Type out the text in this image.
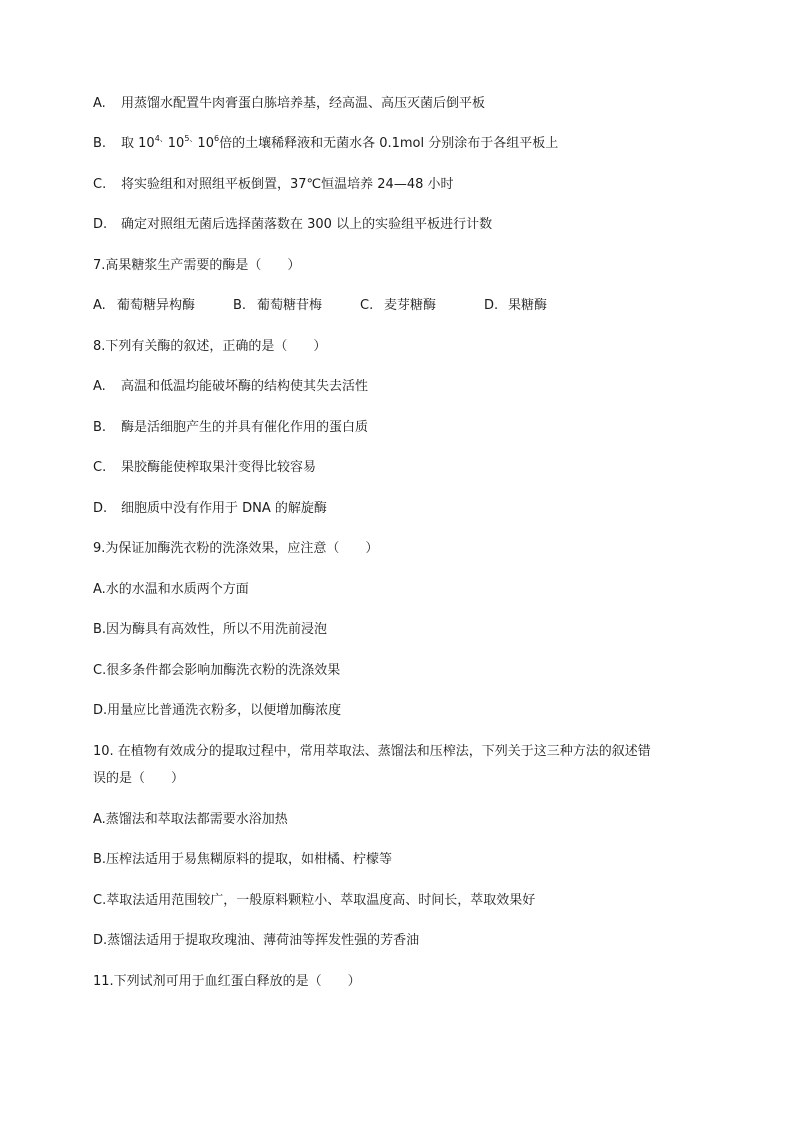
A. 用蒸馏水配置牛肉膏蛋白胨培养基，经高温、高压灭菌后倒平板
B. 取 $10^{4、}10^{5、}10^6$倍的土壤稀释液和无菌水各 0.1mol 分别涂布于各组平板上
C. 将实验组和对照组平板倒置，37℃恒温培养 24—48 小时
D. 确定对照组无菌后选择菌落数在 300 以上的实验组平板进行计数
7.高果糖浆生产需要的酶是（　　）
A. 葡萄糖异构酶	B. 葡萄糖苷梅	C. 麦芽糖酶	D. 果糖酶
8.下列有关酶的叙述，正确的是（　　）
A. 高温和低温均能破坏酶的结构使其失去活性
B. 酶是活细胞产生的并具有催化作用的蛋白质
C. 果胶酶能使榨取果汁变得比较容易
D. 细胞质中没有作用于 DNA 的解旋酶
9.为保证加酶洗衣粉的洗涤效果，应注意（　　）
A.水的水温和水质两个方面
B.因为酶具有高效性，所以不用洗前浸泡
C.很多条件都会影响加酶洗衣粉的洗涤效果
D.用量应比普通洗衣粉多，以便增加酶浓度
10. 在植物有效成分的提取过程中，常用萃取法、蒸馏法和压榨法，下列关于这三种方法的叙述错
误的是（　　）
A.蒸馏法和萃取法都需要水浴加热
B.压榨法适用于易焦糊原料的提取，如柑橘、柠檬等
C.萃取法适用范围较广，一般原料颗粒小、萃取温度高、时间长，萃取效果好
D.蒸馏法适用于提取玫瑰油、薄荷油等挥发性强的芳香油
11.下列试剂可用于血红蛋白释放的是（　　）
